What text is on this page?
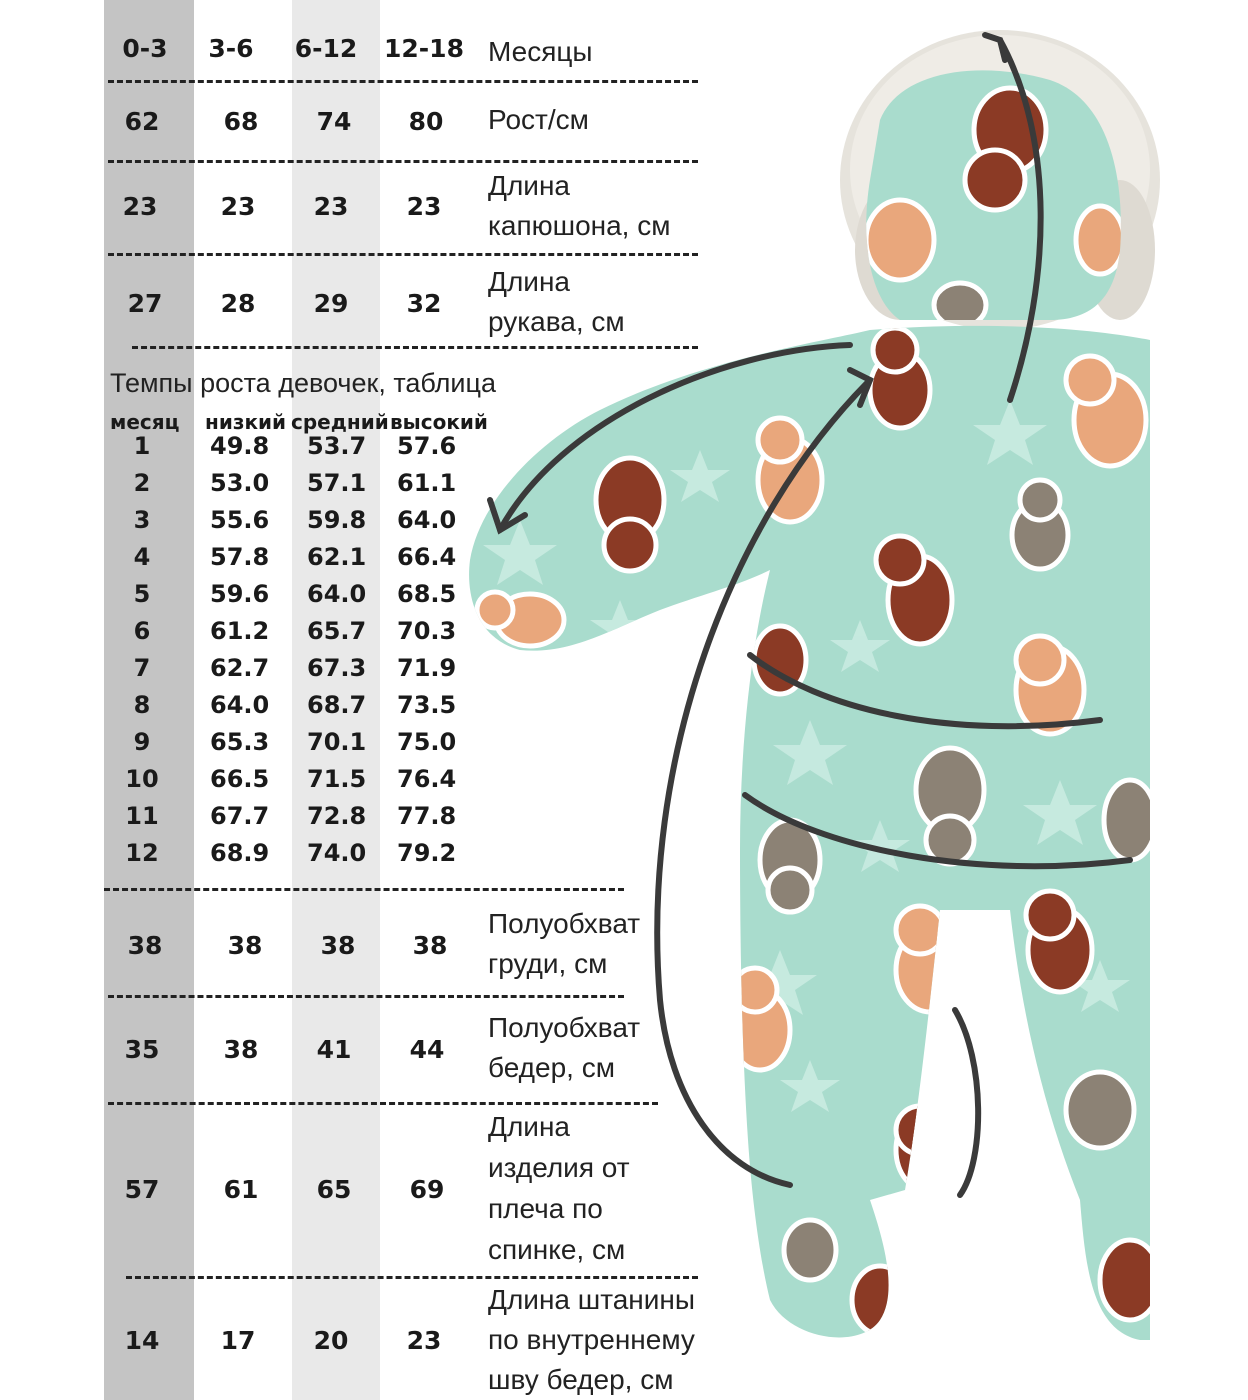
0-3	3-6	6-12	12-18 Месяцы
62	68	74	80	Рост/см
23	23	23	23
Длина
капюшона, см
27	28	29	32
Длина
рукава, см
Темпы роста девочек, таблица
месяц низкий средний высокий
1	49.8 53.7 57.6
2	53.0 57.1 61.1
3	55.6 59.8 64.0
4	57.8 62.1 66.4
5	59.6 64.0 68.5
6	61.2 65.7 70.3
7	62.7 67.3 71.9
8	64.0 68.7 73.5
9	65.3 70.1 75.0
10	66.5 71.5 76.4
11	67.7 72.8 77.8
12	68.9 74.0 79.2
38	38	38	38
Полуобхват
груди, см
35	38	41	44
Полуобхват
бедер, см
57	61	65	69
Длина
изделия от
плеча по
спинке, см
14	17	20	23
Длина штанины
по внутреннему
шву бедер, см
